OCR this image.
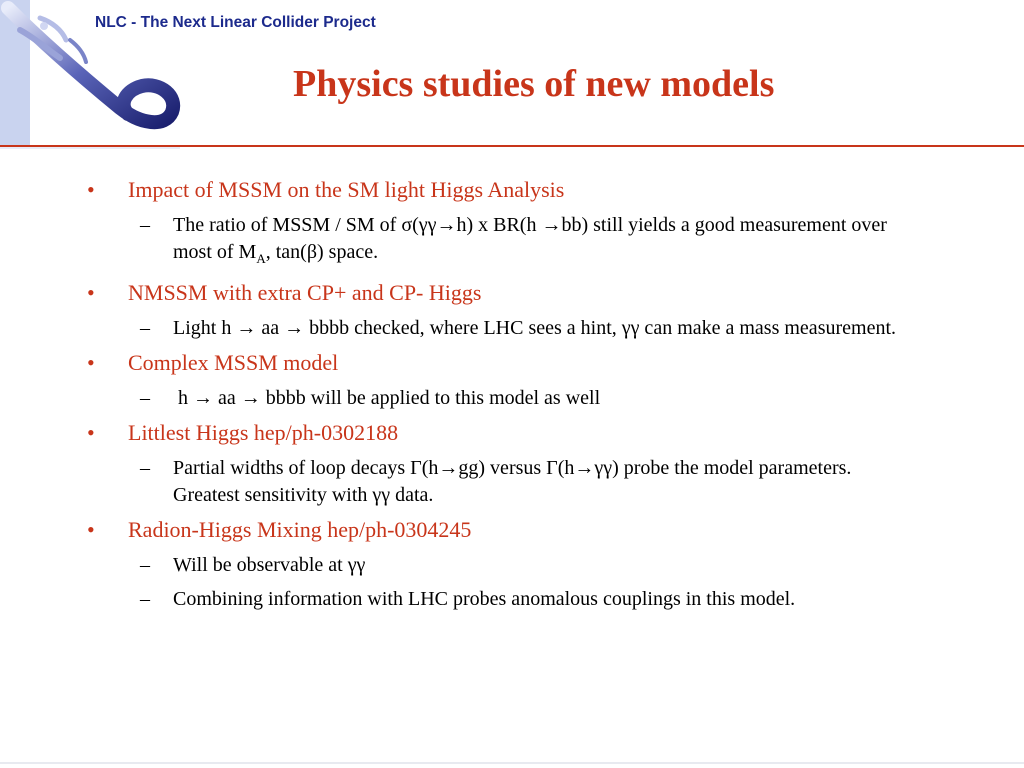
NLC - The Next Linear Collider Project
Physics studies of new models
• Impact of MSSM on the SM light Higgs Analysis
– The ratio of MSSM / SM of σ(γγ→h) x BR(h →bb) still yields a good measurement over most of $M_A$, tan(β) space.
• NMSSM with extra CP+ and CP- Higgs
– Light h → aa → bbbb checked, where LHC sees a hint, γγ can make a mass measurement.
• Complex MSSM model
– h → aa → bbbb will be applied to this model as well
• Littlest Higgs hep/ph-0302188
– Partial widths of loop decays Γ(h→gg) versus Γ(h→γγ) probe the model parameters.  Greatest sensitivity with γγ data.
• Radion-Higgs Mixing hep/ph-0304245
– Will be observable at γγ
– Combining information with LHC probes anomalous couplings in this model.
